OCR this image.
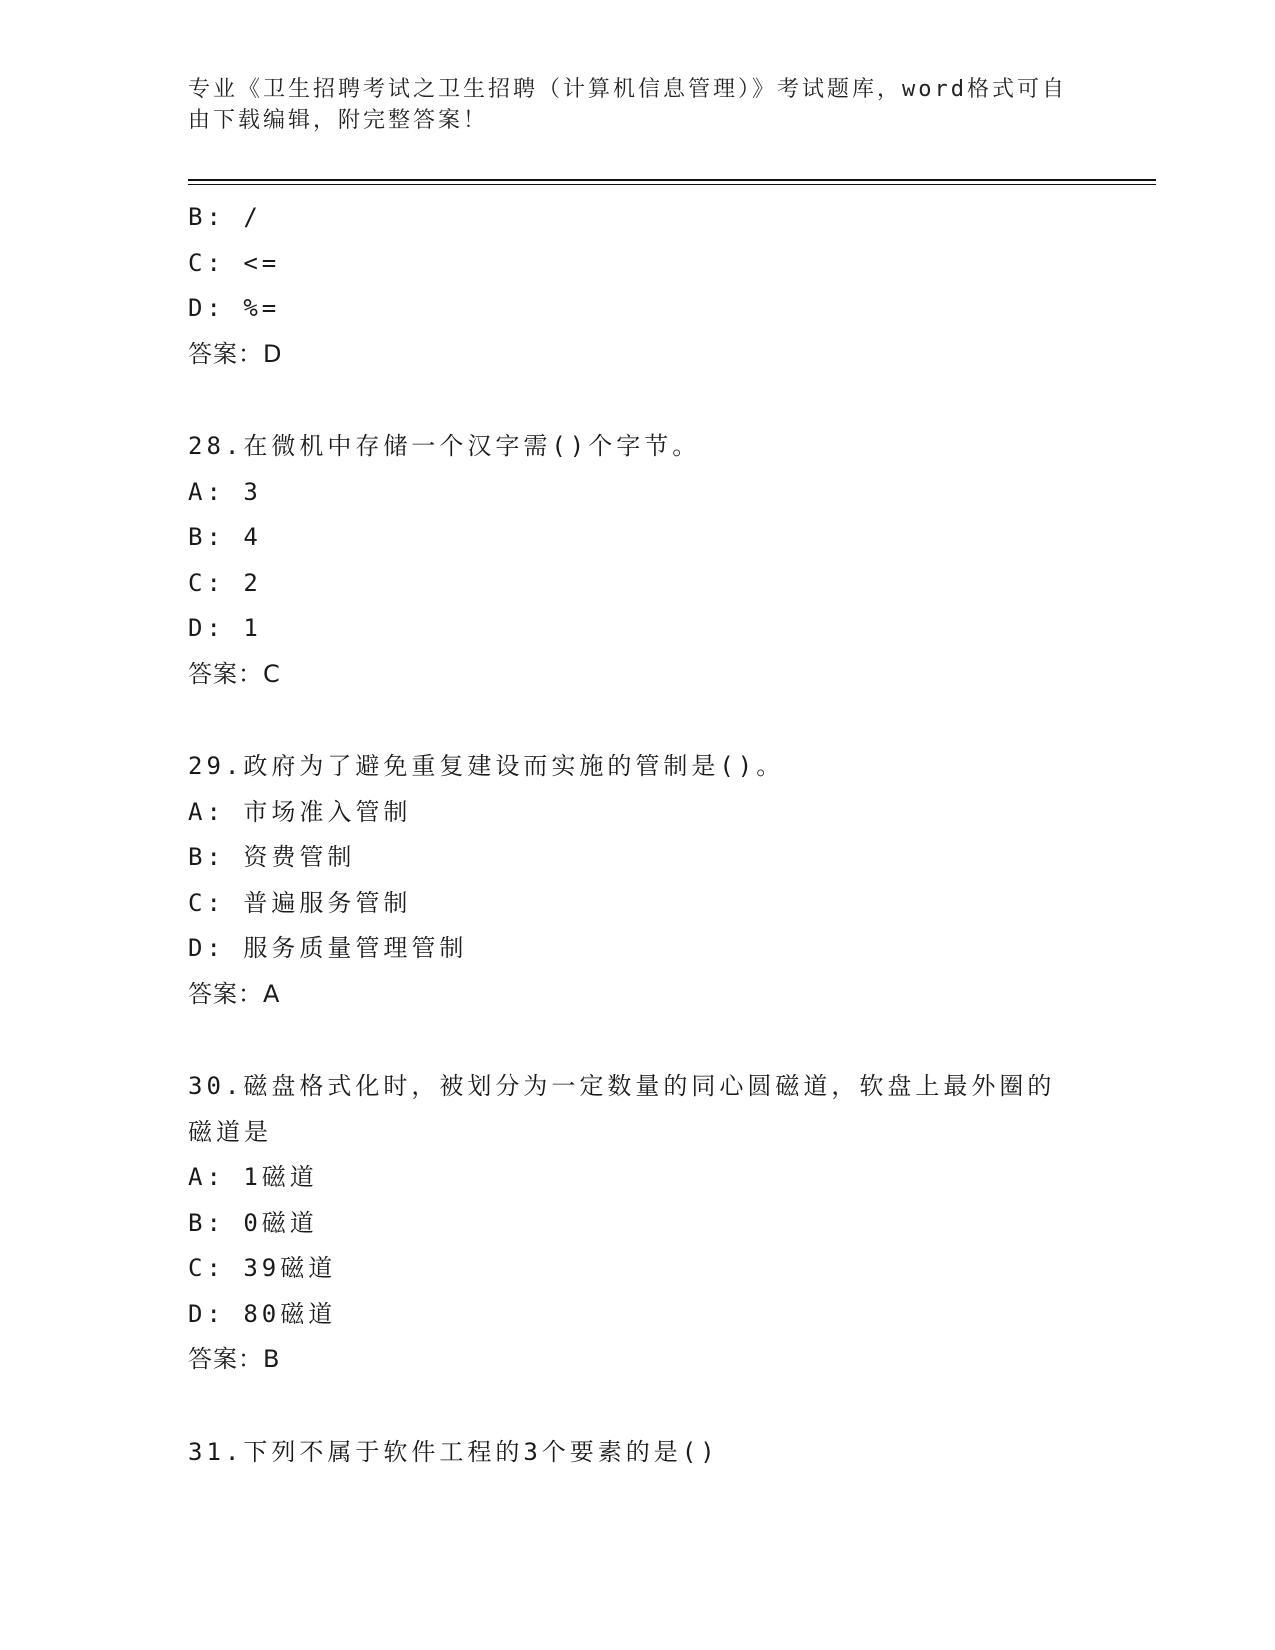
专业《卫生招聘考试之卫生招聘（计算机信息管理）》考试题库，word格式可自
由下载编辑，附完整答案！
B: /
C: <=
D: %=
答案：D
28.在微机中存储一个汉字需()个字节。
A: 3
B: 4
C: 2
D: 1
答案：C
29.政府为了避免重复建设而实施的管制是()。
A: 市场准入管制
B: 资费管制
C: 普遍服务管制
D: 服务质量管理管制
答案：A
30.磁盘格式化时，被划分为一定数量的同心圆磁道，软盘上最外圈的
磁道是
A: 1磁道
B: 0磁道
C: 39磁道
D: 80磁道
答案：B
31.下列不属于软件工程的3个要素的是()
